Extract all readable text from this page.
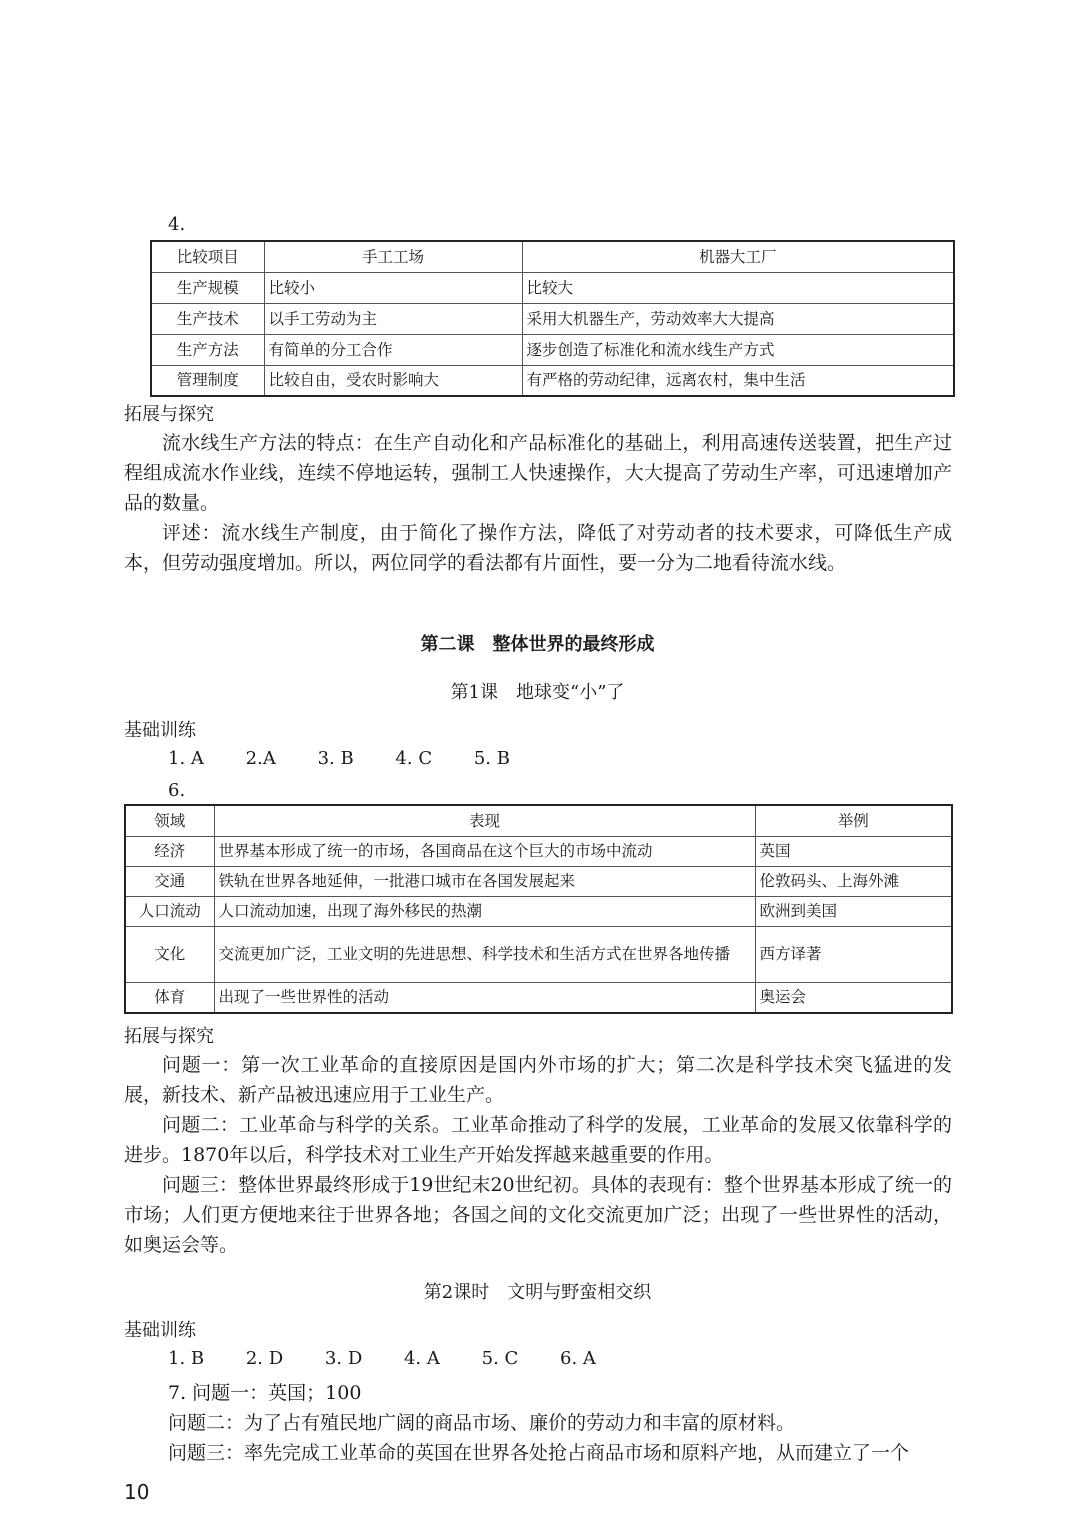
4.
比较项目	手工工场	机器大工厂
生产规模	比较小	比较大
生产技术	以手工劳动为主	采用大机器生产，劳动效率大大提高
生产方法	有简单的分工合作	逐步创造了标准化和流水线生产方式
管理制度	比较自由，受农时影响大	有严格的劳动纪律，远离农村，集中生活
拓展与探究

流水线生产方法的特点：在生产自动化和产品标准化的基础上，利用高速传送装置，把生产过程组成流水作业线，连续不停地运转，强制工人快速操作，大大提高了劳动生产率，可迅速增加产品的数量。

评述：流水线生产制度，由于简化了操作方法，降低了对劳动者的技术要求，可降低生产成本，但劳动强度增加。所以，两位同学的看法都有片面性，要一分为二地看待流水线。

第二课　整体世界的最终形成
第1课　地球变“小”了
基础训练
1. A 2.A 3. B 4. C 5. B
6.
领域	表现	举例
经济	世界基本形成了统一的市场，各国商品在这个巨大的市场中流动	英国
交通	铁轨在世界各地延伸，一批港口城市在各国发展起来	伦敦码头、上海外滩
人口流动	人口流动加速，出现了海外移民的热潮	欧洲到美国
文化	交流更加广泛，工业文明的先进思想、科学技术和生活方式在世界各地传播	西方译著
体育	出现了一些世界性的活动	奥运会
拓展与探究

问题一：第一次工业革命的直接原因是国内外市场的扩大；第二次是科学技术突飞猛进的发展，新技术、新产品被迅速应用于工业生产。

问题二：工业革命与科学的关系。工业革命推动了科学的发展，工业革命的发展又依靠科学的进步。1870年以后，科学技术对工业生产开始发挥越来越重要的作用。

问题三：整体世界最终形成于19世纪末20世纪初。具体的表现有：整个世界基本形成了统一的市场；人们更方便地来往于世界各地；各国之间的文化交流更加广泛；出现了一些世界性的活动，如奥运会等。

第2课时　文明与野蛮相交织
基础训练
1. B 2. D 3. D 4. A 5. C 6. A
7. 问题一：英国；100
问题二：为了占有殖民地广阔的商品市场、廉价的劳动力和丰富的原材料。
问题三：率先完成工业革命的英国在世界各处抢占商品市场和原料产地，从而建立了一个
10
